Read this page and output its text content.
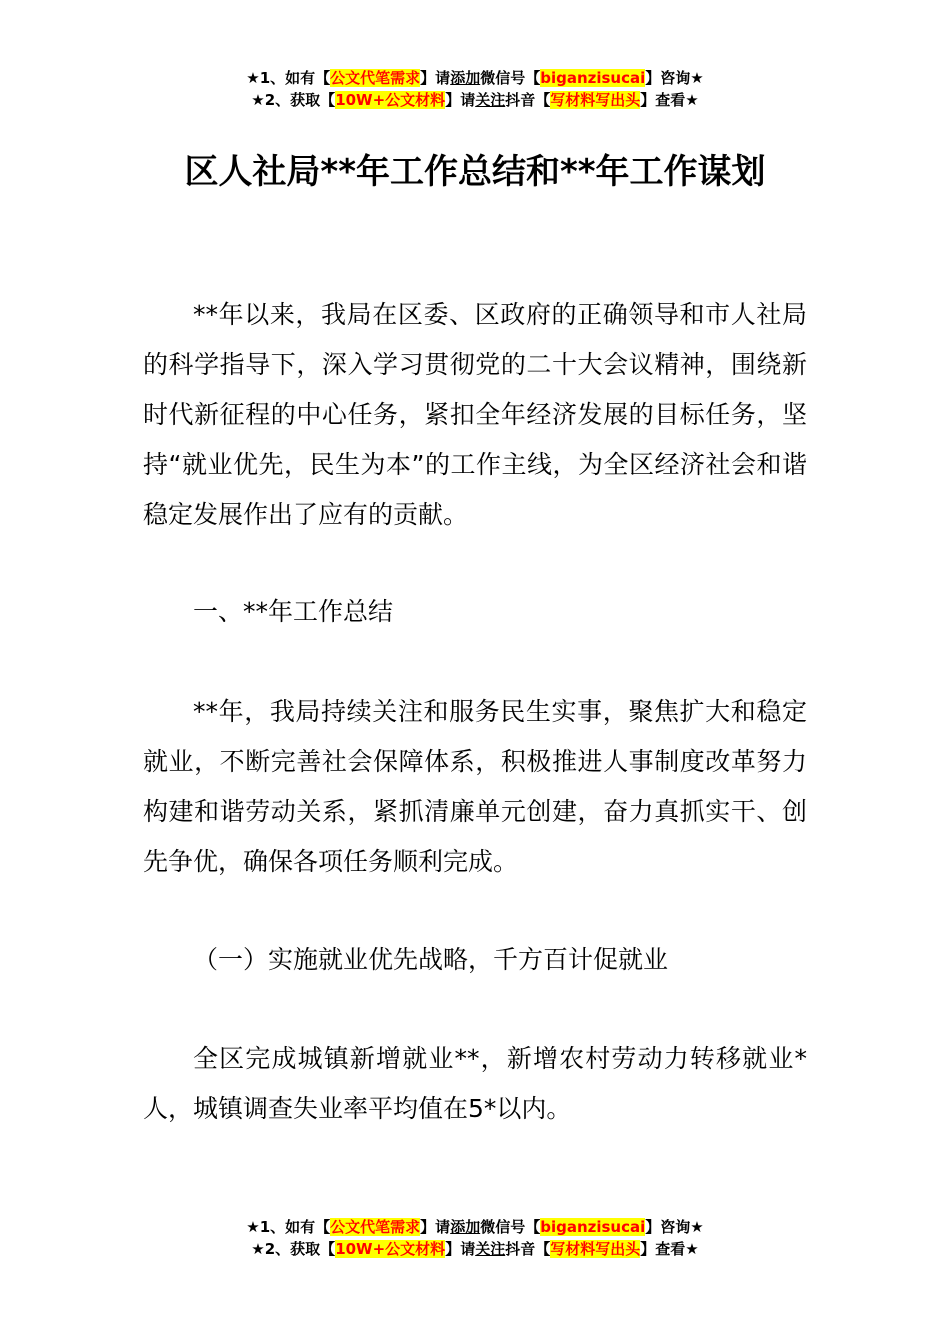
★1、如有【公文代笔需求】请添加微信号【biganzisucai】咨询★
★2、获取【10W+公文材料】请关注抖音【写材料写出头】查看★
区人社局**年工作总结和**年工作谋划

**年以来，我局在区委、区政府的正确领导和市人社局的科学指导下，深入学习贯彻党的二十大会议精神，围绕新时代新征程的中心任务，紧扣全年经济发展的目标任务，坚持“就业优先，民生为本”的工作主线，为全区经济社会和谐稳定发展作出了应有的贡献。

一、**年工作总结

**年，我局持续关注和服务民生实事，聚焦扩大和稳定就业，不断完善社会保障体系，积极推进人事制度改革努力构建和谐劳动关系，紧抓清廉单元创建，奋力真抓实干、创先争优，确保各项任务顺利完成。

（一）实施就业优先战略，千方百计促就业

全区完成城镇新增就业**，新增农村劳动力转移就业*人，城镇调查失业率平均值在5*以内。

★1、如有【公文代笔需求】请添加微信号【biganzisucai】咨询★
★2、获取【10W+公文材料】请关注抖音【写材料写出头】查看★
